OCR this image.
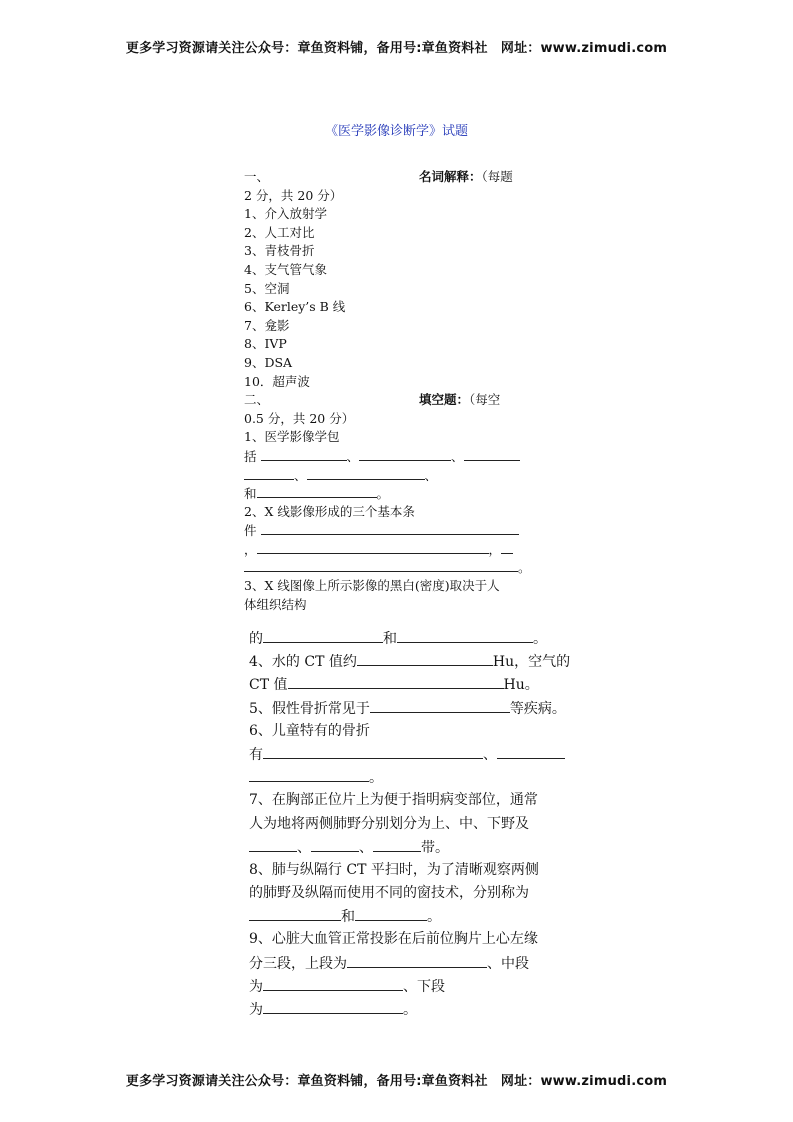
更多学习资源请关注公众号：章鱼资料铺，备用号:章鱼资料社　网址：www.zimudi.com
《医学影像诊断学》试题
一、	名词解释：（每题
2 分，共 20 分）
1、介入放射学
2、人工对比
3、青枝骨折
4、支气管气象
5、空洞
6、Kerley’s B 线
7、龛影
8、IVP
9、DSA
10．超声波
二、	填空题：（每空
0.5 分，共 20 分）
1、医学影像学包
括	、	、
、	、
和	。
2、X 线影像形成的三个基本条
件
，	，
。
3、X 线图像上所示影像的黑白(密度)取决于人
体组织结构
的	和	。
4、水的 CT 值约	Hu，空气的
CT 值	Hu。
5、假性骨折常见于	等疾病。
6、儿童特有的骨折
有	、
。
7、在胸部正位片上为便于指明病变部位，通常
人为地将两侧肺野分别划分为上、中、下野及
、	、	带。
8、肺与纵隔行 CT 平扫时，为了清晰观察两侧
的肺野及纵隔而使用不同的窗技术，分别称为
和	。
9、心脏大血管正常投影在后前位胸片上心左缘
分三段，上段为	、中段
为	、下段
为	。
更多学习资源请关注公众号：章鱼资料铺，备用号:章鱼资料社　网址：www.zimudi.com
